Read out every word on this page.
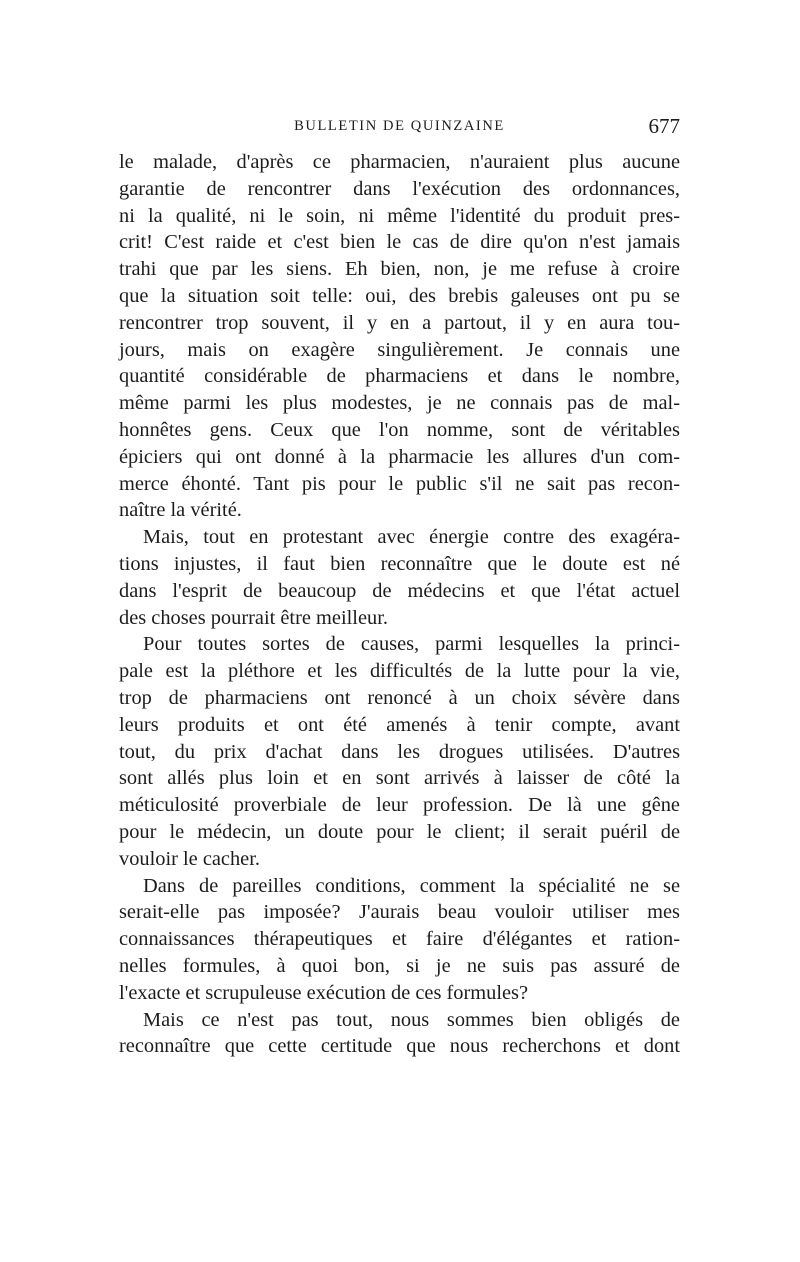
BULLETIN DE QUINZAINE	677
le malade, d'après ce pharmacien, n'auraient plus aucune
garantie de rencontrer dans l'exécution des ordonnances,
ni la qualité, ni le soin, ni même l'identité du produit pres-
crit! C'est raide et c'est bien le cas de dire qu'on n'est jamais
trahi que par les siens. Eh bien, non, je me refuse à croire
que la situation soit telle: oui, des brebis galeuses ont pu se
rencontrer trop souvent, il y en a partout, il y en aura tou-
jours, mais on exagère singulièrement. Je connais une
quantité considérable de pharmaciens et dans le nombre,
même parmi les plus modestes, je ne connais pas de mal-
honnêtes gens. Ceux que l'on nomme, sont de véritables
épiciers qui ont donné à la pharmacie les allures d'un com-
merce éhonté. Tant pis pour le public s'il ne sait pas recon-
naître la vérité.
Mais, tout en protestant avec énergie contre des exagéra-
tions injustes, il faut bien reconnaître que le doute est né
dans l'esprit de beaucoup de médecins et que l'état actuel
des choses pourrait être meilleur.
Pour toutes sortes de causes, parmi lesquelles la princi-
pale est la pléthore et les difficultés de la lutte pour la vie,
trop de pharmaciens ont renoncé à un choix sévère dans
leurs produits et ont été amenés à tenir compte, avant
tout, du prix d'achat dans les drogues utilisées. D'autres
sont allés plus loin et en sont arrivés à laisser de côté la
méticulosité proverbiale de leur profession. De là une gêne
pour le médecin, un doute pour le client; il serait puéril de
vouloir le cacher.
Dans de pareilles conditions, comment la spécialité ne se
serait-elle pas imposée? J'aurais beau vouloir utiliser mes
connaissances thérapeutiques et faire d'élégantes et ration-
nelles formules, à quoi bon, si je ne suis pas assuré de
l'exacte et scrupuleuse exécution de ces formules?
Mais ce n'est pas tout, nous sommes bien obligés de
reconnaître que cette certitude que nous recherchons et dont
